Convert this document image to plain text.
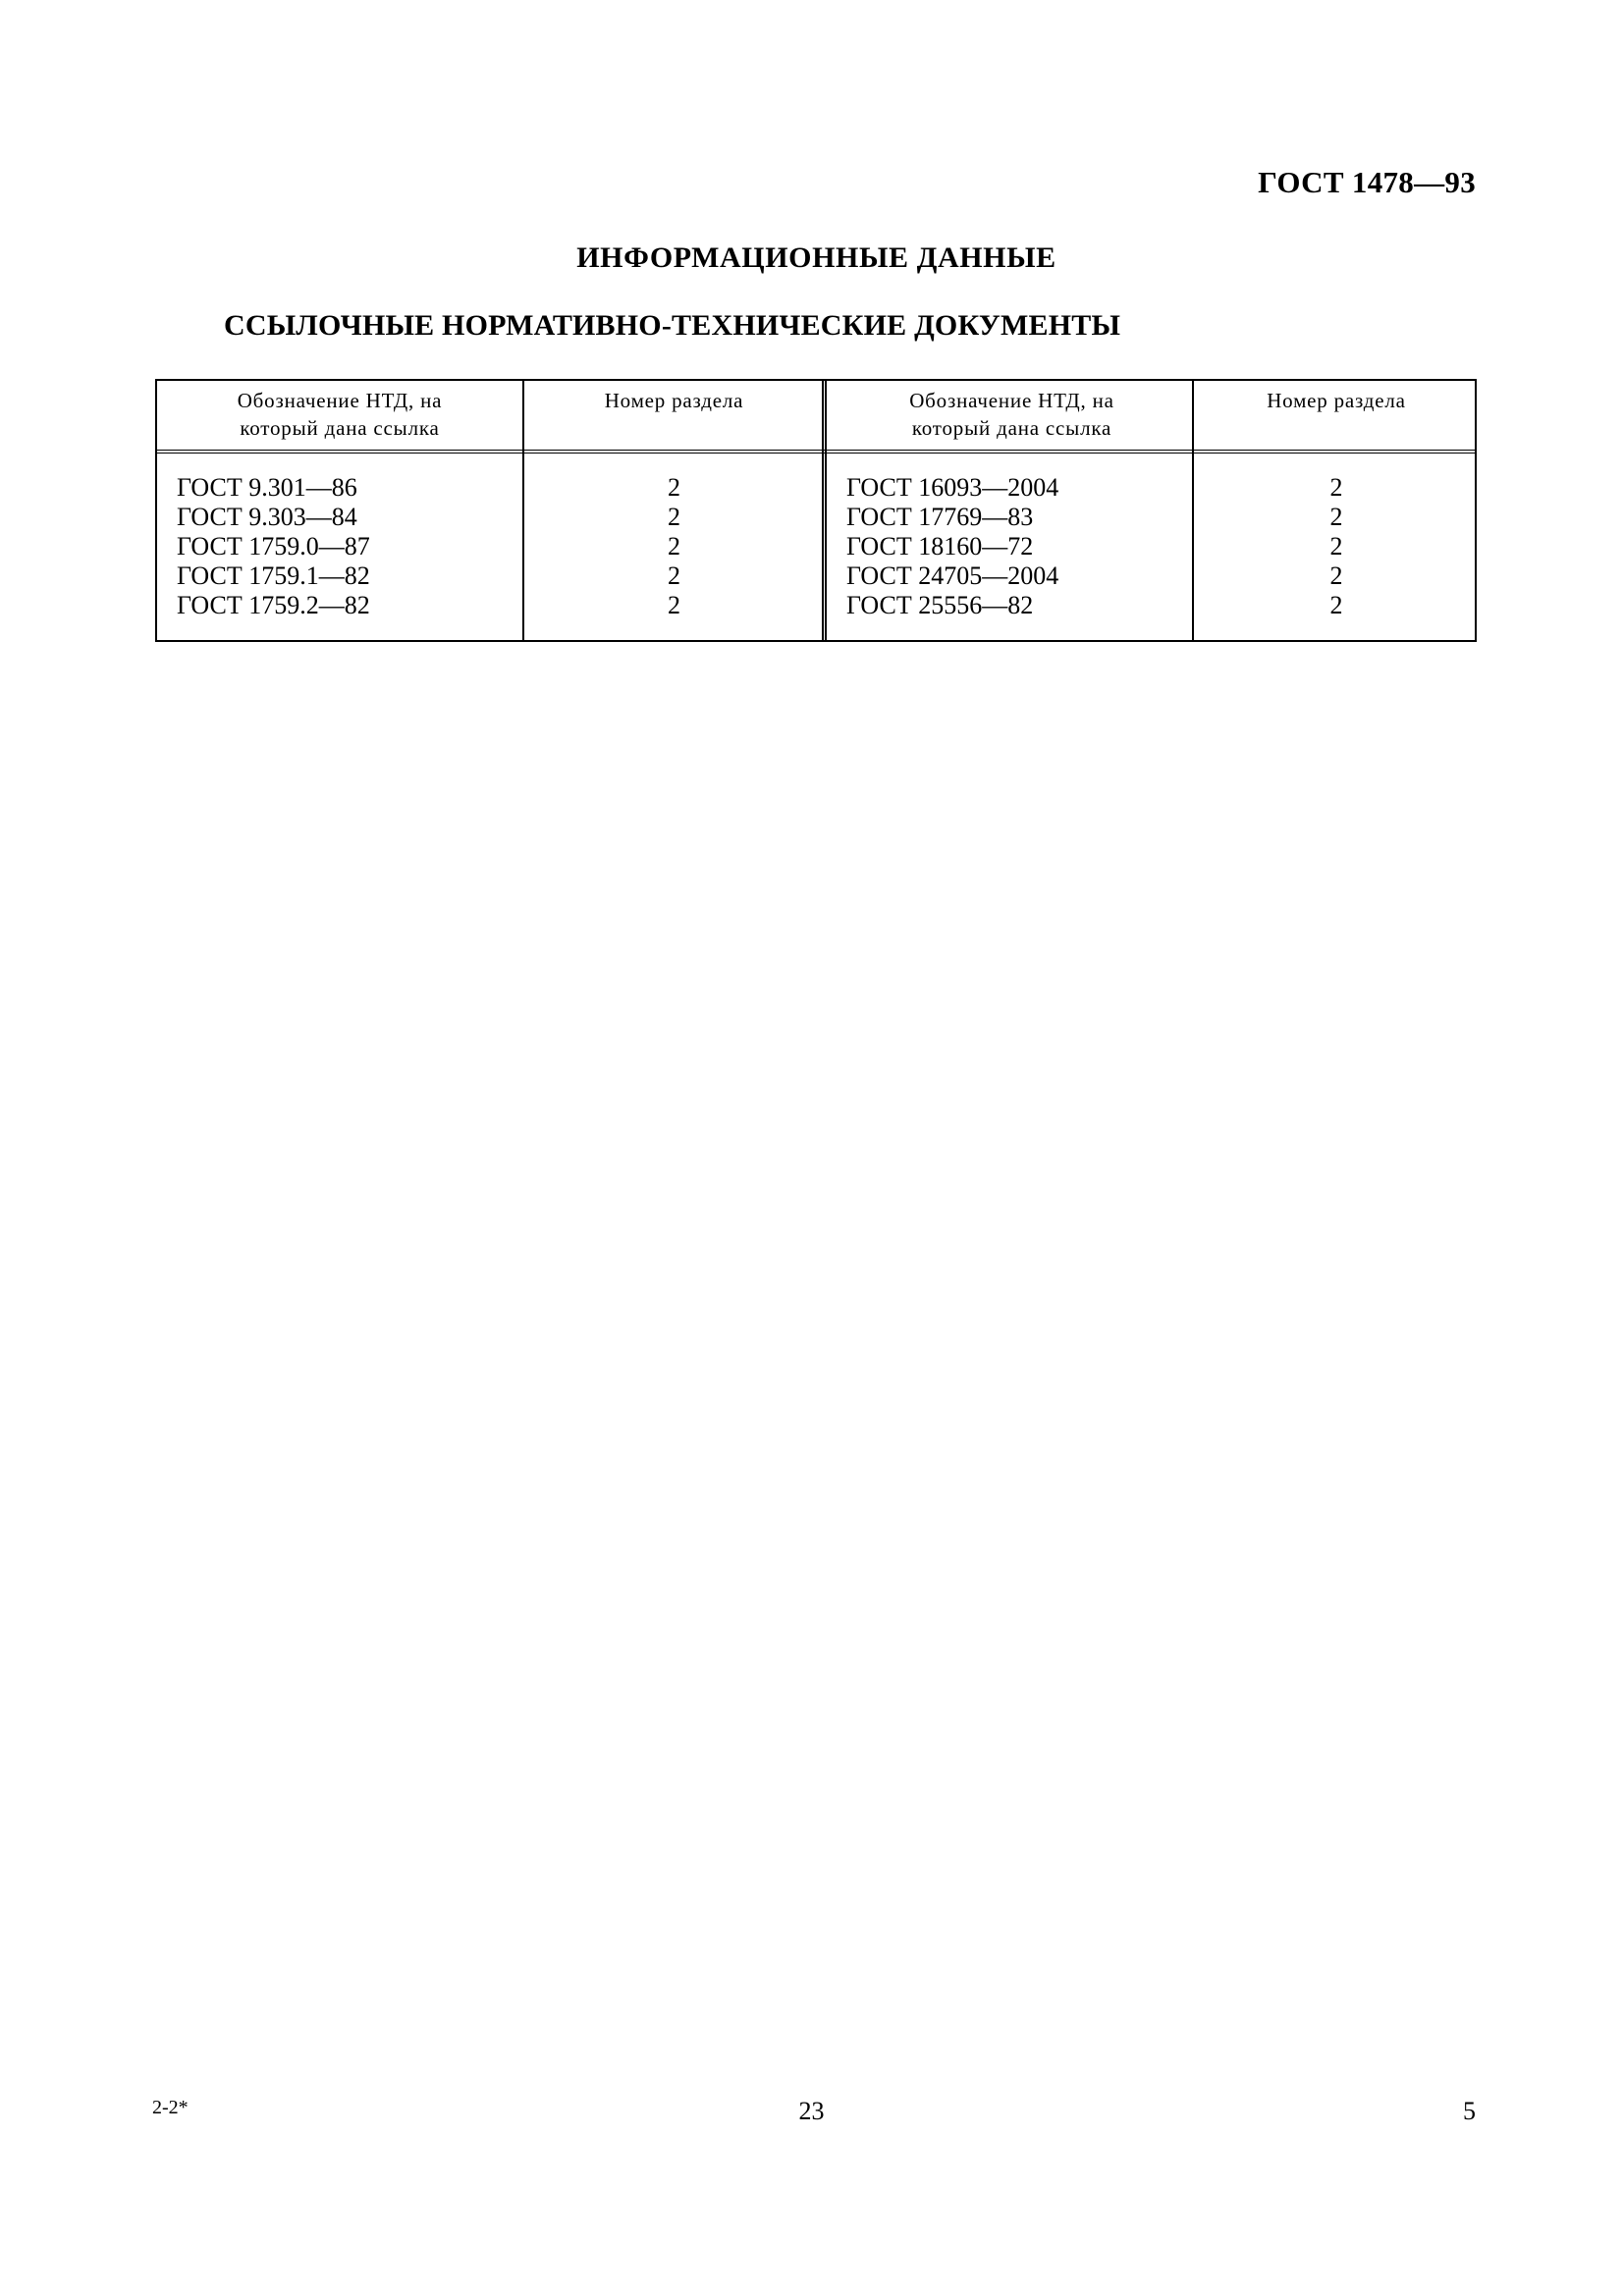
ГОСТ 1478—93
ИНФОРМАЦИОННЫЕ ДАННЫЕ
ССЫЛОЧНЫЕ НОРМАТИВНО-ТЕХНИЧЕСКИЕ ДОКУМЕНТЫ
Обозначение НТД, на
который дана ссылка
ГОСТ 9.301—86
ГОСТ 9.303—84
ГОСТ 1759.0—87
ГОСТ 1759.1—82
ГОСТ 1759.2—82
Номер раздела
2
2
2
2
2
Обозначение НТД, на
который дана ссылка
ГОСТ 16093—2004
ГОСТ 17769—83
ГОСТ 18160—72
ГОСТ 24705—2004
ГОСТ 25556—82
Номер раздела
2
2
2
2
2
2-2*	23	5
